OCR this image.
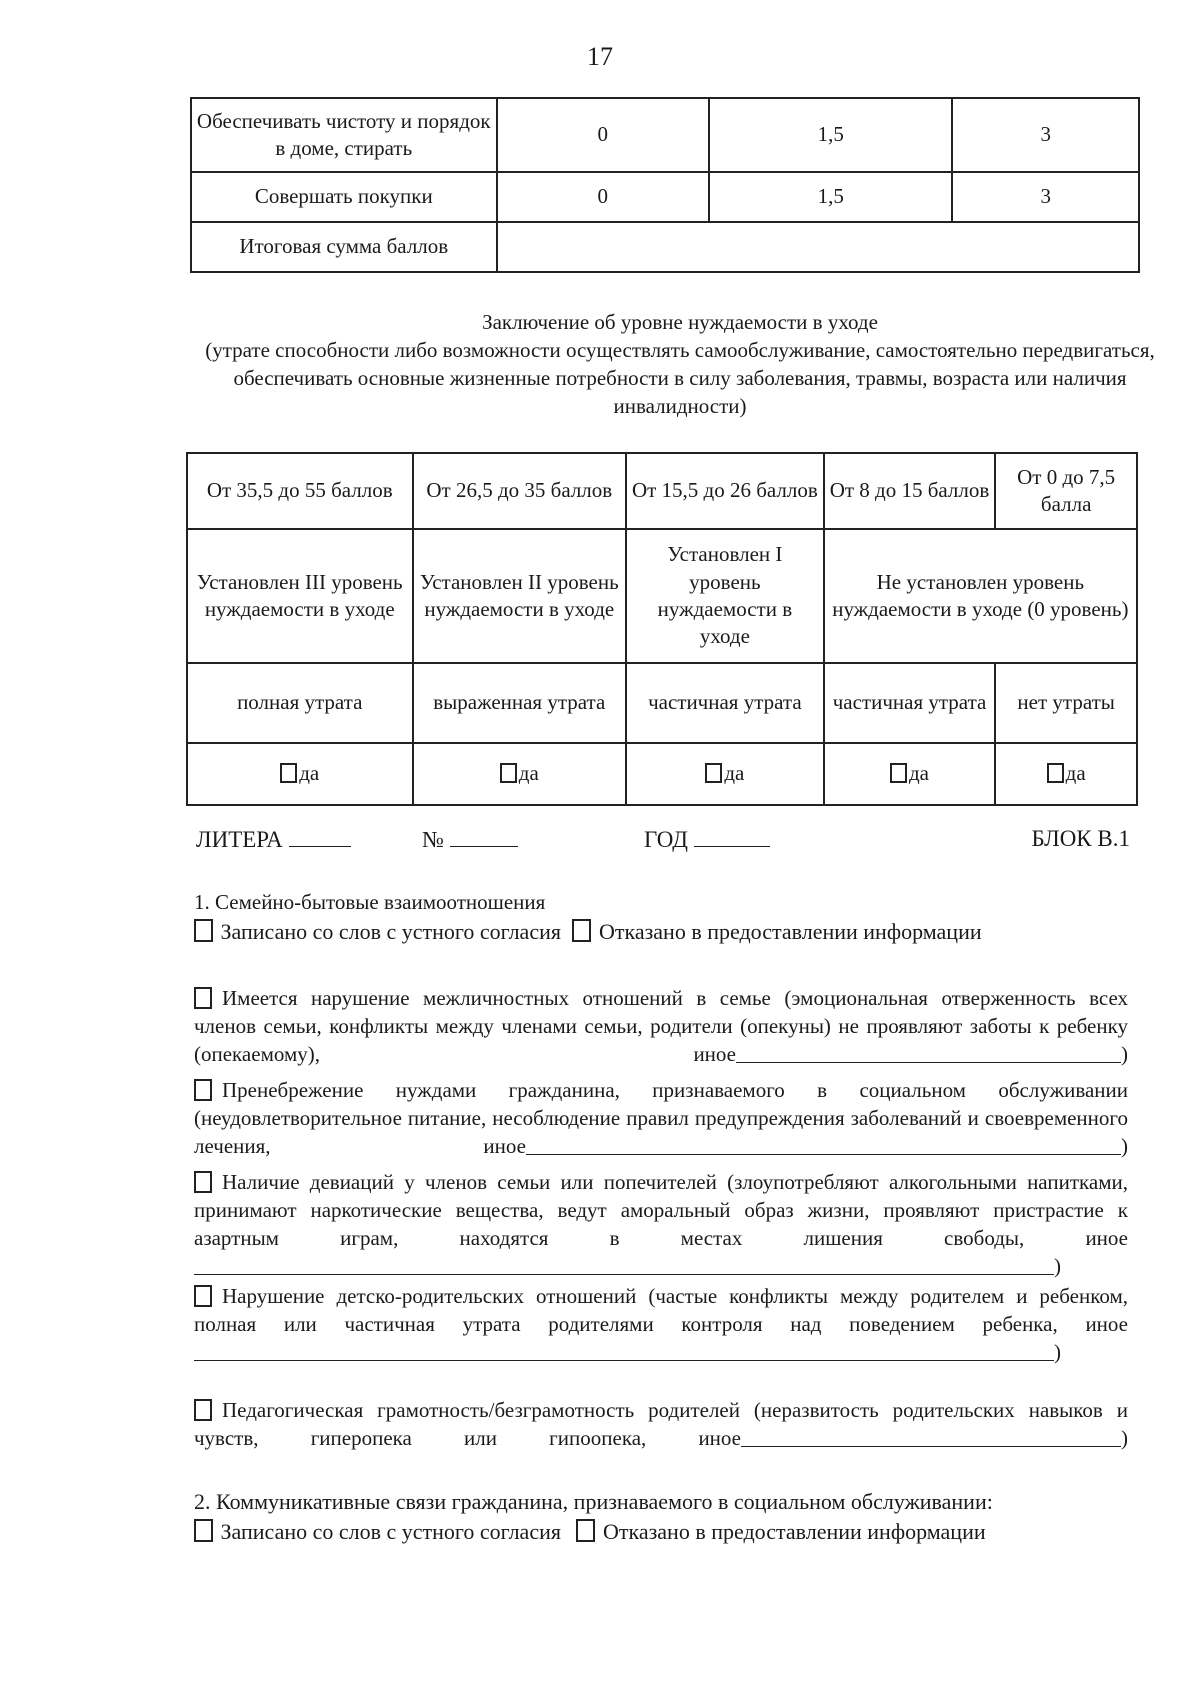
17
Обеспечивать чистоту и порядок в доме, стирать	0	1,5	3
Совершать покупки	0	1,5	3
Итоговая сумма баллов			
Заключение об уровне нуждаемости в уходе
(утрате способности либо возможности осуществлять самообслуживание, самостоятельно передвигаться, обеспечивать основные жизненные потребности в силу заболевания, травмы, возраста или наличия инвалидности)
От 35,5 до 55 баллов	От 26,5 до 35 баллов	От 15,5 до 26 баллов	От 8 до 15 баллов	От 0 до 7,5 балла
Установлен III уровень нуждаемости в уходе	Установлен II уровень нуждаемости в уходе	Установлен I уровень нуждаемости в уходе	Не установлен уровень нуждаемости в уходе (0 уровень)	
полная утрата	выраженная утрата	частичная утрата	частичная утрата	нет утраты
да	да	да	да	да
ЛИТЕРА	№	ГОД	БЛОК В.1
1. Семейно-бытовые взаимоотношения
Записано со слов с устного согласия Отказано в предоставлении информации
Имеется нарушение межличностных отношений в семье (эмоциональная отверженность всех членов семьи, конфликты между членами семьи, родители (опекуны) не проявляют заботы к ребенку (опекаемому), иное	)
Пренебрежение нуждами гражданина, признаваемого в социальном обслуживании (неудовлетворительное питание, несоблюдение правил предупреждения заболеваний и своевременного лечения, иное	)
Наличие девиаций у членов семьи или попечителей (злоупотребляют алкогольными напитками, принимают наркотические вещества, ведут аморальный образ жизни, проявляют пристрастие к азартным играм, находятся в местах лишения свободы, иное)
Нарушение детско-родительских отношений (частые конфликты между родителем и ребенком, полная или частичная утрата родителями контроля над поведением ребенка, иное)
Педагогическая грамотность/безграмотность родителей (неразвитость родительских навыков и чувств, гиперопека или гипоопека, иное	)
2. Коммуникативные связи гражданина, признаваемого в социальном обслуживании:
Записано со слов с устного согласия Отказано в предоставлении информации
